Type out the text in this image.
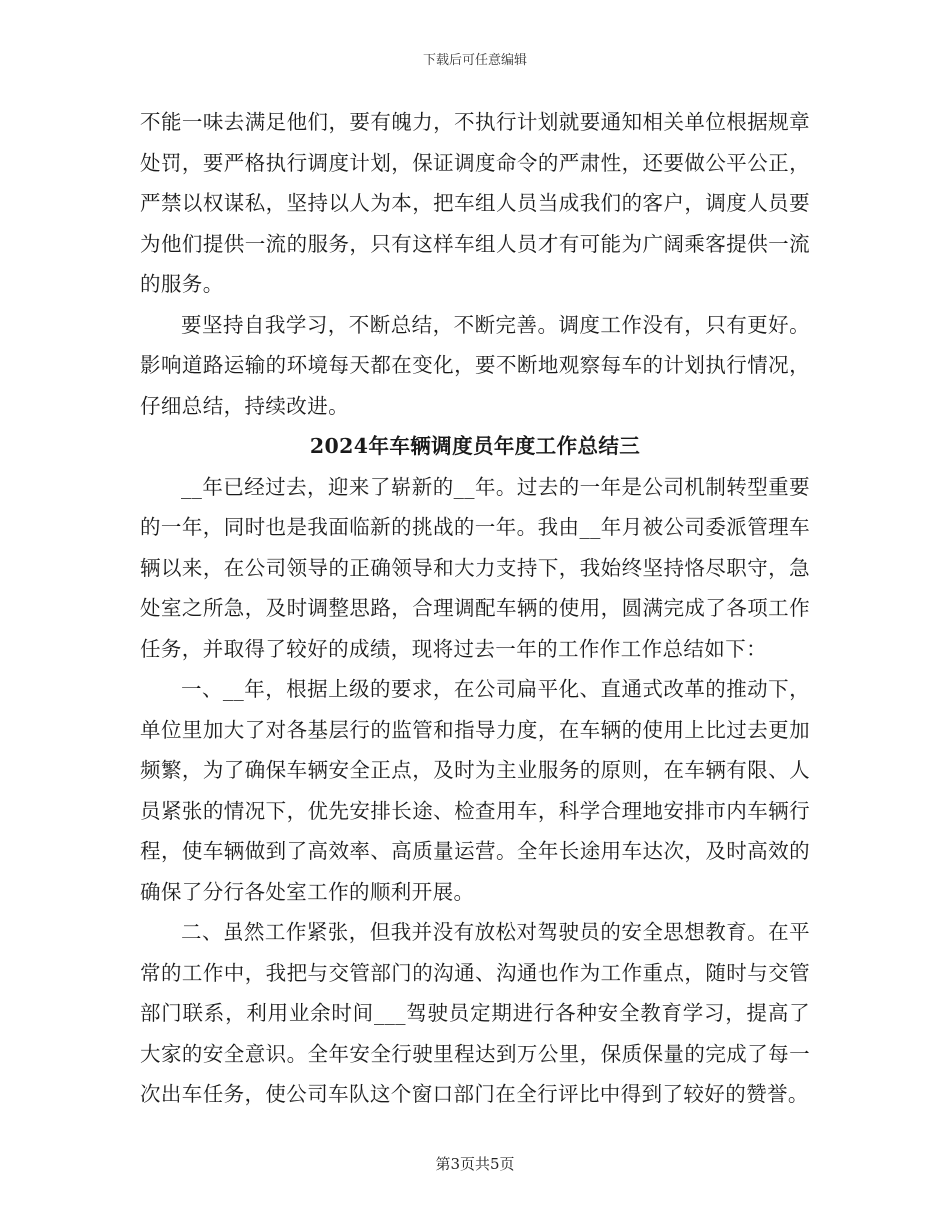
下载后可任意编辑

不能一味去满足他们，要有魄力，不执行计划就要通知相关单位根据规章处罚，要严格执行调度计划，保证调度命令的严肃性，还要做公平公正，严禁以权谋私，坚持以人为本，把车组人员当成我们的客户，调度人员要为他们提供一流的服务，只有这样车组人员才有可能为广阔乘客提供一流的服务。

要坚持自我学习，不断总结，不断完善。调度工作没有，只有更好。影响道路运输的环境每天都在变化，要不断地观察每车的计划执行情况，仔细总结，持续改进。

2024年车辆调度员年度工作总结三

__年已经过去，迎来了崭新的__年。过去的一年是公司机制转型重要的一年，同时也是我面临新的挑战的一年。我由__年月被公司委派管理车辆以来，在公司领导的正确领导和大力支持下，我始终坚持恪尽职守，急处室之所急，及时调整思路，合理调配车辆的使用，圆满完成了各项工作任务，并取得了较好的成绩，现将过去一年的工作作工作总结如下：

一、__年，根据上级的要求，在公司扁平化、直通式改革的推动下，单位里加大了对各基层行的监管和指导力度，在车辆的使用上比过去更加频繁，为了确保车辆安全正点，及时为主业服务的原则，在车辆有限、人员紧张的情况下，优先安排长途、检查用车，科学合理地安排市内车辆行程，使车辆做到了高效率、高质量运营。全年长途用车达次，及时高效的确保了分行各处室工作的顺利开展。

二、虽然工作紧张，但我并没有放松对驾驶员的安全思想教育。在平常的工作中，我把与交管部门的沟通、沟通也作为工作重点，随时与交管部门联系，利用业余时间___驾驶员定期进行各种安全教育学习，提高了大家的安全意识。全年安全行驶里程达到万公里，保质保量的完成了每一次出车任务，使公司车队这个窗口部门在全行评比中得到了较好的赞誉。

第3页共5页
